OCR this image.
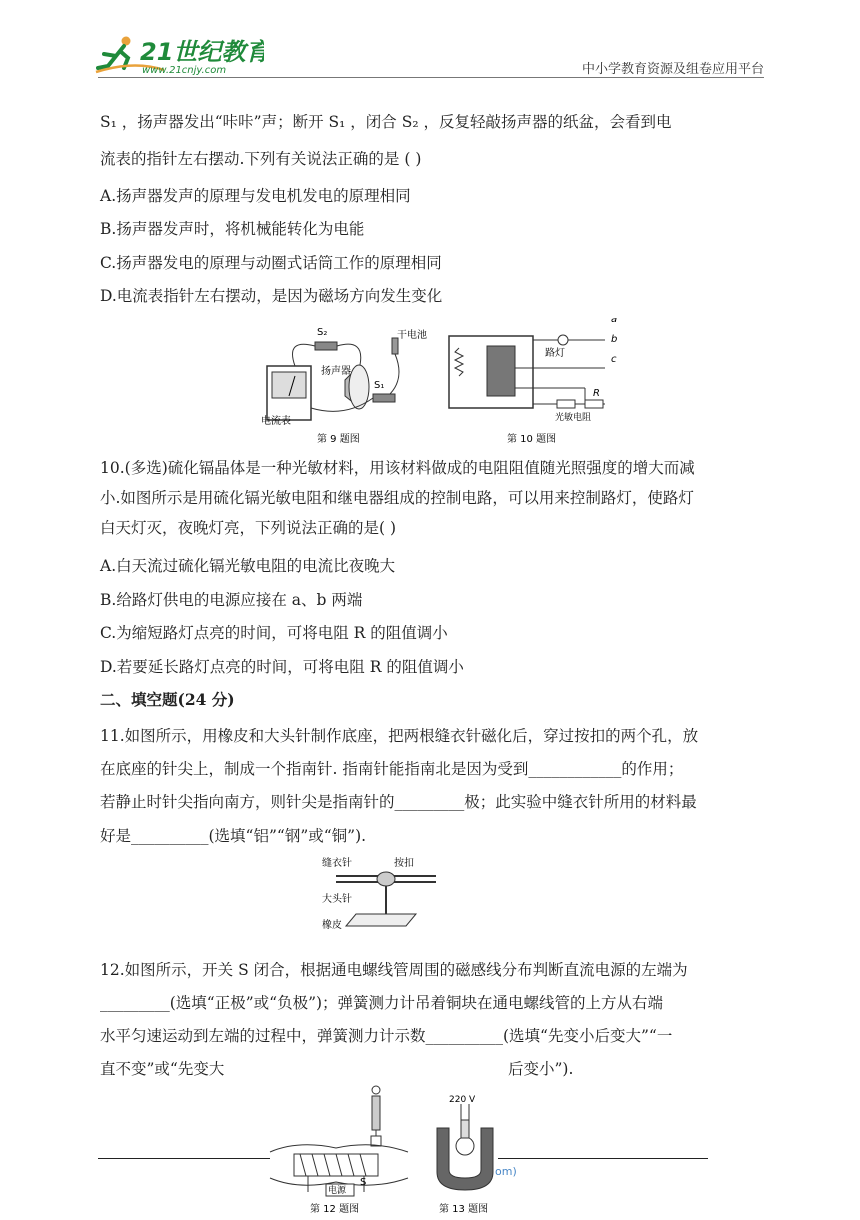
21世纪教育
www.21cnjy.com	中小学教育资源及组卷应用平台
S₁ ，扬声器发出“咔咔”声；断开 S₁ ，闭合 S₂ ，反复轻敲扬声器的纸盆，会看到电
流表的指针左右摆动.下列有关说法正确的是 ( )
A.扬声器发声的原理与发电机发电的原理相同
B.扬声器发声时，将机械能转化为电能
C.扬声器发电的原理与动圈式话筒工作的原理相同
D.电流表指针左右摆动，是因为磁场方向发生变化
S₂	干电池
扬声器
S₁
电流表
第 9 题图
a
b
c
路灯
R
光敏电阻
第 10 题图
10.(多选)硫化镉晶体是一种光敏材料，用该材料做成的电阻阻值随光照强度的增大而减
小.如图所示是用硫化镉光敏电阻和继电器组成的控制电路，可以用来控制路灯，使路灯
白天灯灭，夜晚灯亮，下列说法正确的是( )
A.白天流过硫化镉光敏电阻的电流比夜晚大
B.给路灯供电的电源应接在 a、b 两端
C.为缩短路灯点亮的时间，可将电阻 R 的阻值调小
D.若要延长路灯点亮的时间，可将电阻 R 的阻值调小
二、填空题(24 分)
11.如图所示，用橡皮和大头针制作底座，把两根缝衣针磁化后，穿过按扣的两个孔，放
在底座的针尖上，制成一个指南针. 指南针能指南北是因为受到____________的作用；
若静止时针尖指向南方，则针尖是指南针的_________极；此实验中缝衣针所用的材料最
好是__________(选填“铝”“钢”或“铜”).
缝衣针	按扣
大头针
橡皮
12.如图所示，开关 S 闭合，根据通电螺线管周围的磁感线分布判断直流电源的左端为
_________(选填“正极”或“负极”)；弹簧测力计吊着铜块在通电螺线管的上方从右端
水平匀速运动到左端的过程中，弹簧测力计示数__________(选填“先变小后变大”“一
直不变”或“先变大	后变小”).
电源
S
第 12 题图
220 V
第 13 题图
om)
